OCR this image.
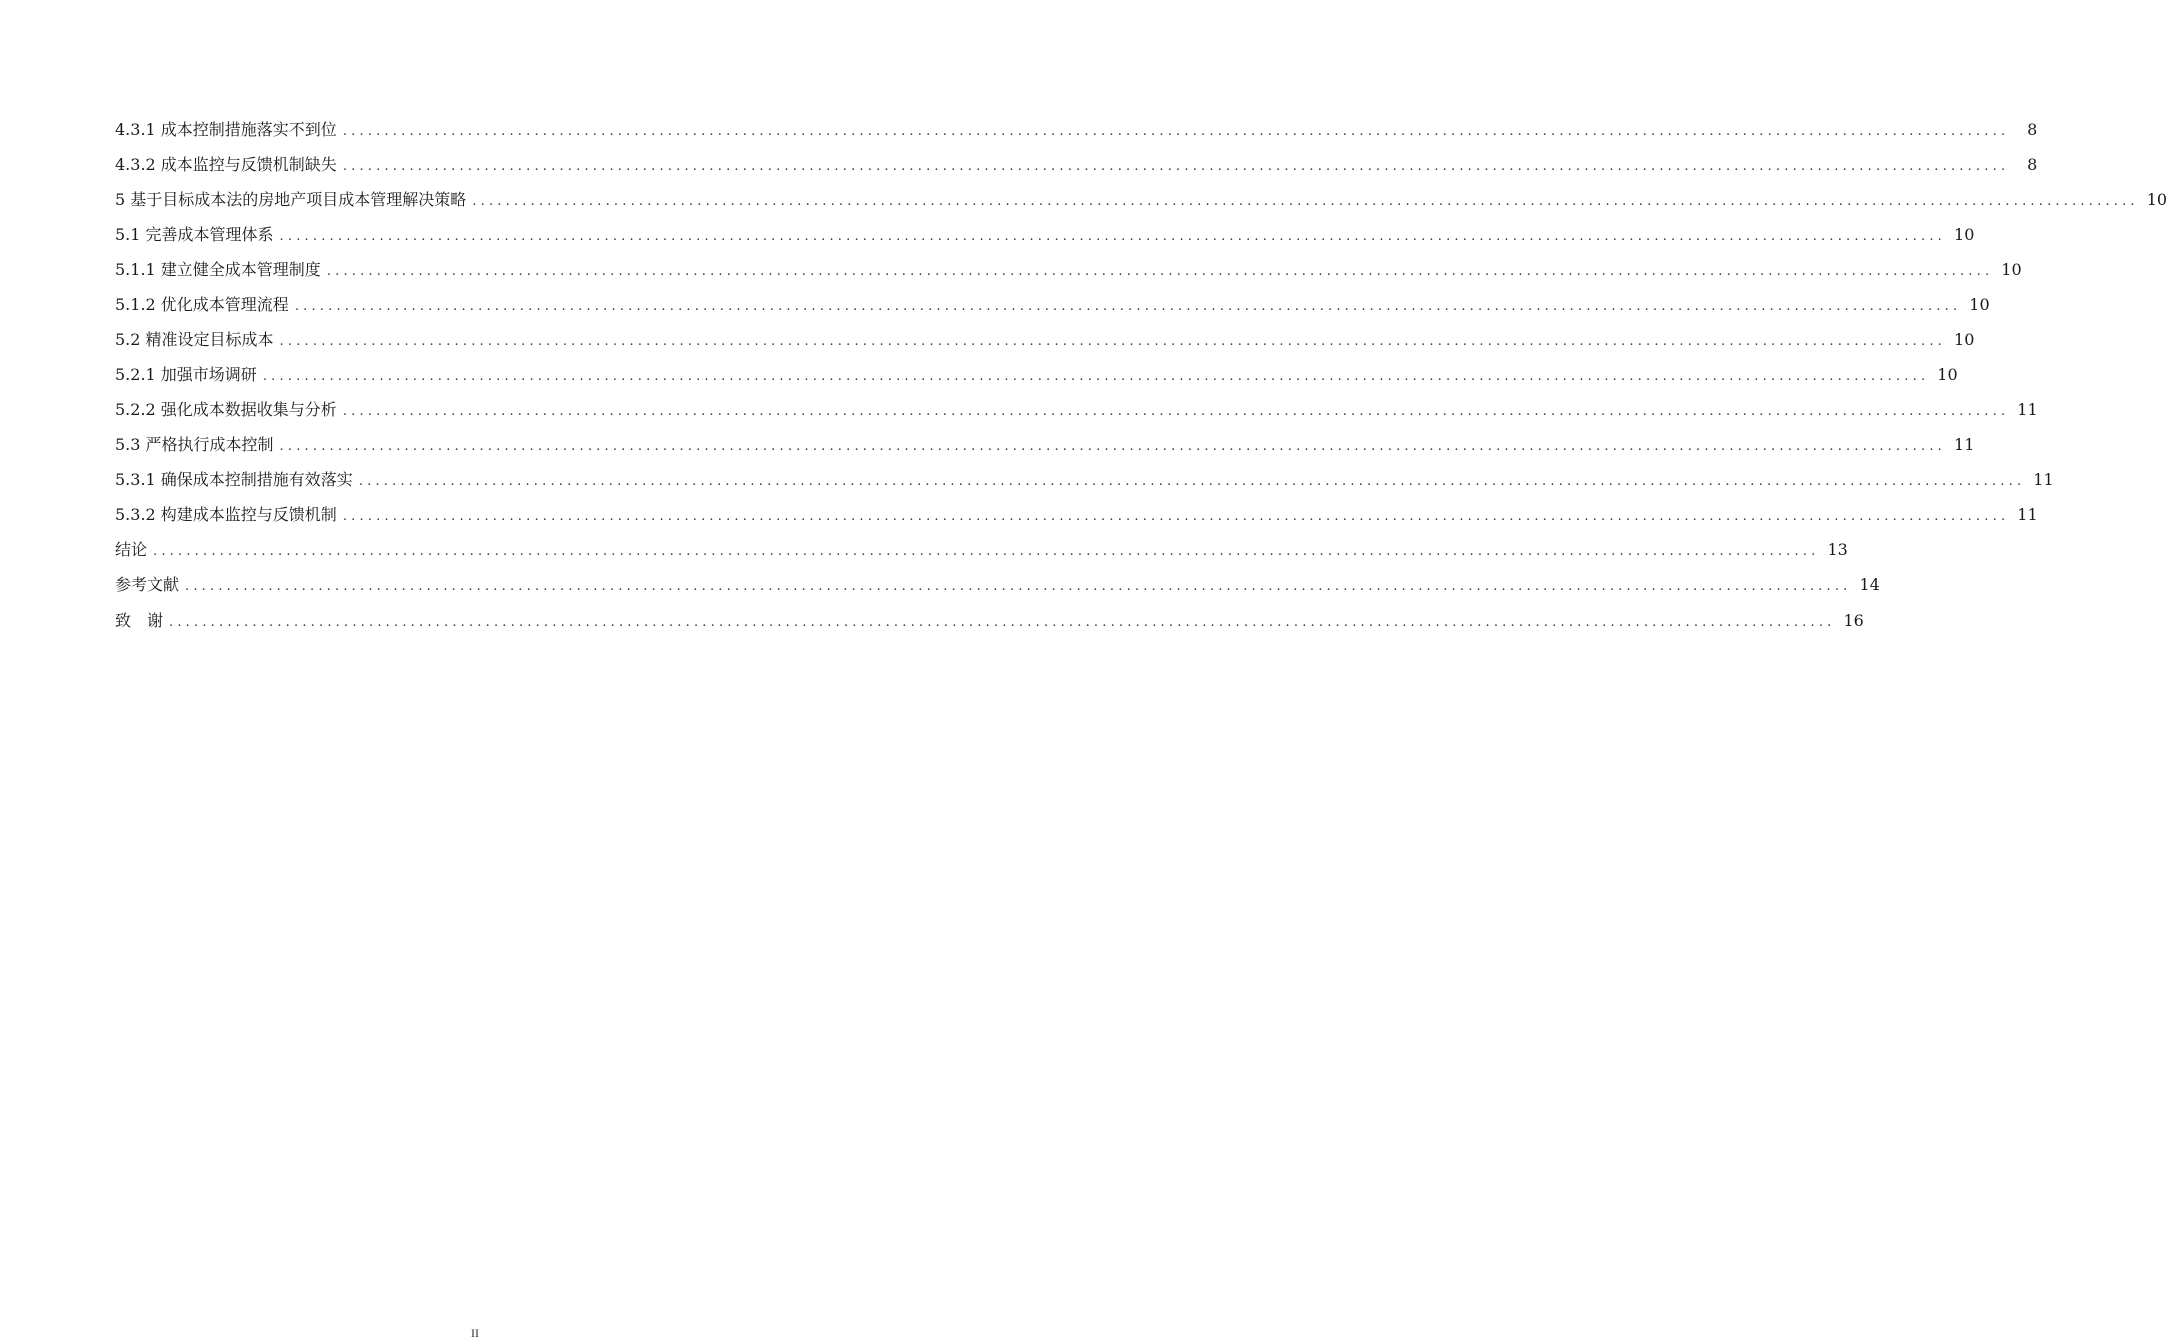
4.3.1 成本控制措施落实不到位 ........................................................................................................................................................................................................	8
4.3.2 成本监控与反馈机制缺失 ........................................................................................................................................................................................................	8
5 基于目标成本法的房地产项目成本管理解决策略 ........................................................................................................................................................................................................ 10
5.1 完善成本管理体系 ........................................................................................................................................................................................................ 10
5.1.1 建立健全成本管理制度 ........................................................................................................................................................................................................ 10
5.1.2 优化成本管理流程 ........................................................................................................................................................................................................ 10
5.2 精准设定目标成本 ........................................................................................................................................................................................................ 10
5.2.1 加强市场调研 ........................................................................................................................................................................................................ 10
5.2.2 强化成本数据收集与分析 ........................................................................................................................................................................................................ 11
5.3 严格执行成本控制 ........................................................................................................................................................................................................ 11
5.3.1 确保成本控制措施有效落实 ........................................................................................................................................................................................................ 11
5.3.2 构建成本监控与反馈机制 ........................................................................................................................................................................................................ 11
结论 ........................................................................................................................................................................................................ 13
参考文献 ........................................................................................................................................................................................................ 14
致　谢 ........................................................................................................................................................................................................ 16
II
